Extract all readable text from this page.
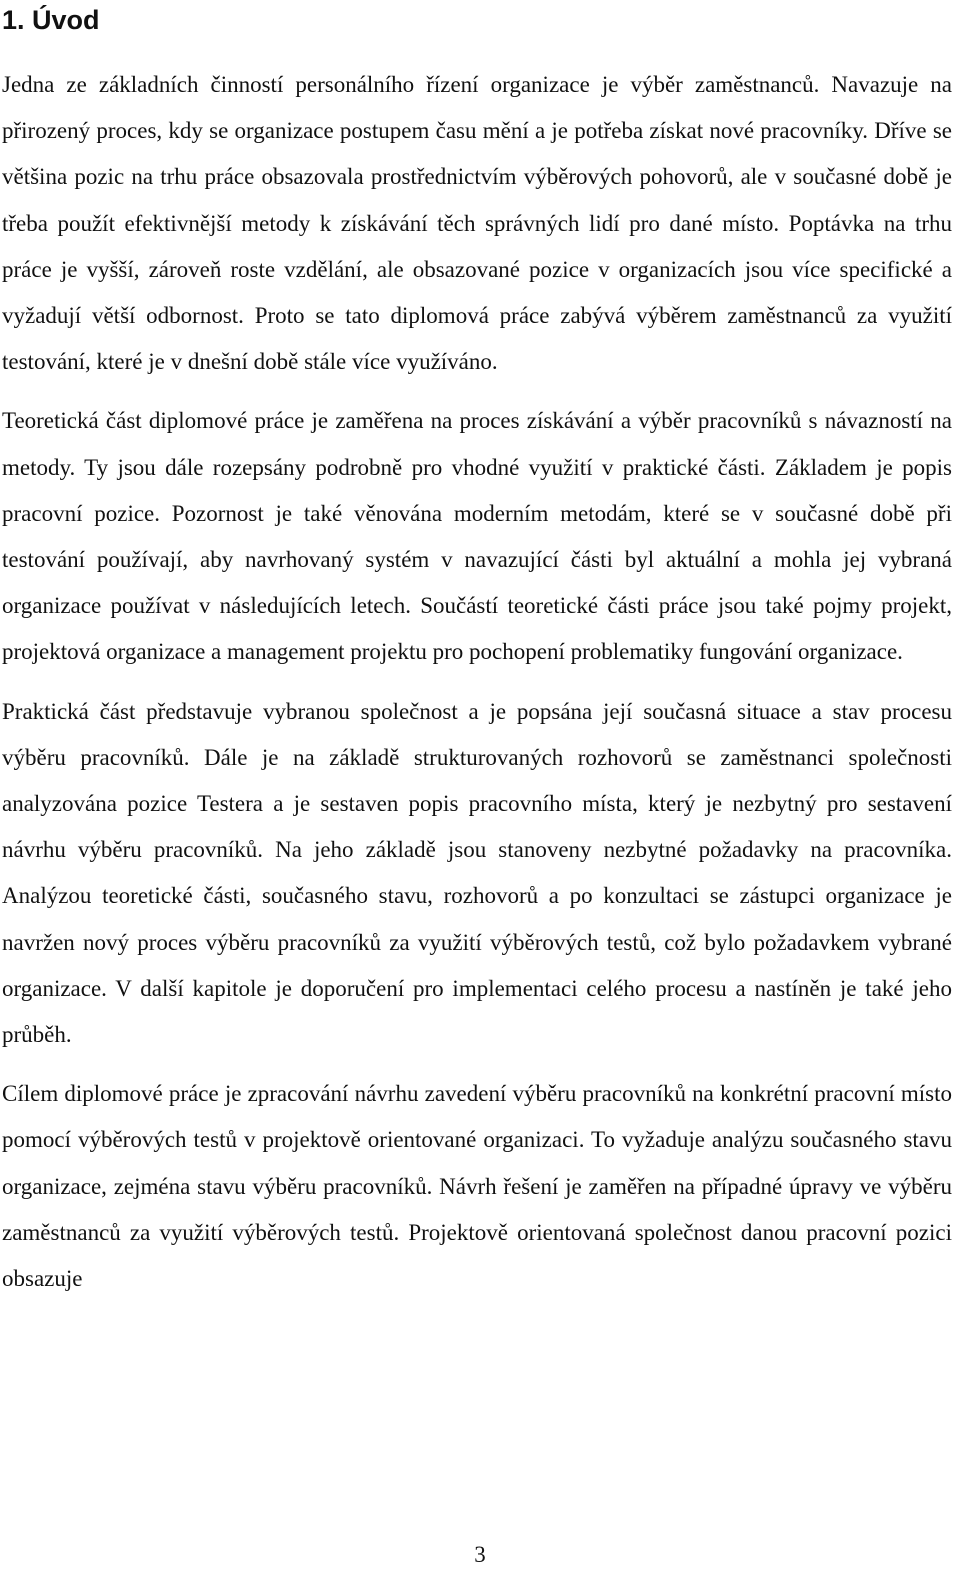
1. Úvod

Jedna ze základních činností personálního řízení organizace je výběr zaměstnanců. Navazuje na přirozený proces, kdy se organizace postupem času mění a je potřeba získat nové pracovníky. Dříve se většina pozic na trhu práce obsazovala prostřednictvím výběrových pohovorů, ale v současné době je třeba použít efektivnější metody k získávání těch správných lidí pro dané místo. Poptávka na trhu práce je vyšší, zároveň roste vzdělání, ale obsazované pozice v organizacích jsou více specifické a vyžadují větší odbornost. Proto se tato diplomová práce zabývá výběrem zaměstnanců za využití testování, které je v dnešní době stále více využíváno.

Teoretická část diplomové práce je zaměřena na proces získávání a výběr pracovníků s návazností na metody. Ty jsou dále rozepsány podrobně pro vhodné využití v praktické části. Základem je popis pracovní pozice. Pozornost je také věnována moderním metodám, které se v současné době při testování používají, aby navrhovaný systém v navazující části byl aktuální a mohla jej vybraná organizace používat v následujících letech. Součástí teoretické části práce jsou také pojmy projekt, projektová organizace a management projektu pro pochopení problematiky fungování organizace.

Praktická část představuje vybranou společnost a je popsána její současná situace a stav procesu výběru pracovníků. Dále je na základě strukturovaných rozhovorů se zaměstnanci společnosti analyzována pozice Testera a je sestaven popis pracovního místa, který je nezbytný pro sestavení návrhu výběru pracovníků. Na jeho základě jsou stanoveny nezbytné požadavky na pracovníka. Analýzou teoretické části, současného stavu, rozhovorů a po konzultaci se zástupci organizace je navržen nový proces výběru pracovníků za využití výběrových testů, což bylo požadavkem vybrané organizace. V další kapitole je doporučení pro implementaci celého procesu a nastíněn je také jeho průběh.

Cílem diplomové práce je zpracování návrhu zavedení výběru pracovníků na konkrétní pracovní místo pomocí výběrových testů v projektově orientované organizaci. To vyžaduje analýzu současného stavu organizace, zejména stavu výběru pracovníků. Návrh řešení je zaměřen na případné úpravy ve výběru zaměstnanců za využití výběrových testů. Projektově orientovaná společnost danou pracovní pozici obsazuje

3
